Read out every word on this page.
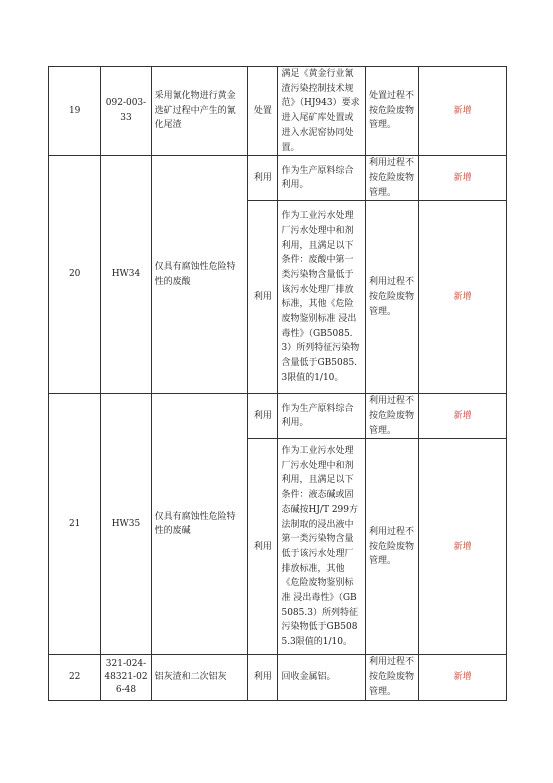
19	092-003-33	采用氰化物进行黄金选矿过程中产生的氰化尾渣	处置	满足《黄金行业氰渣污染控制技术规范》（HJ943）要求进入尾矿库处置或进入水泥窑协同处置。	处置过程不按危险废物管理。	新增
20	HW34	仅具有腐蚀性危险特性的废酸	利用	作为生产原料综合利用。	利用过程不按危险废物管理。	新增
			利用	作为工业污水处理厂污水处理中和剂利用，且满足以下条件：废酸中第一类污染物含量低于该污水处理厂排放标准，其他《危险废物鉴别标准 浸出毒性》（GB5085.3）所列特征污染物含量低于GB5085.3限值的1/10。	利用过程不按危险废物管理。	新增
21	HW35	仅具有腐蚀性危险特性的废碱	利用	作为生产原料综合利用。	利用过程不按危险废物管理。	新增
			利用	作为工业污水处理厂污水处理中和剂利用，且满足以下条件：液态碱或固态碱按HJ/T 299方法制取的浸出液中第一类污染物含量低于该污水处理厂排放标准，其他《危险废物鉴别标准 浸出毒性》（GB5085.3）所列特征污染物低于GB5085.3限值的1/10。	利用过程不按危险废物管理。	新增
22	321-024-48321-026-48	铝灰渣和二次铝灰	利用	回收金属铝。	利用过程不按危险废物管理。	新增
